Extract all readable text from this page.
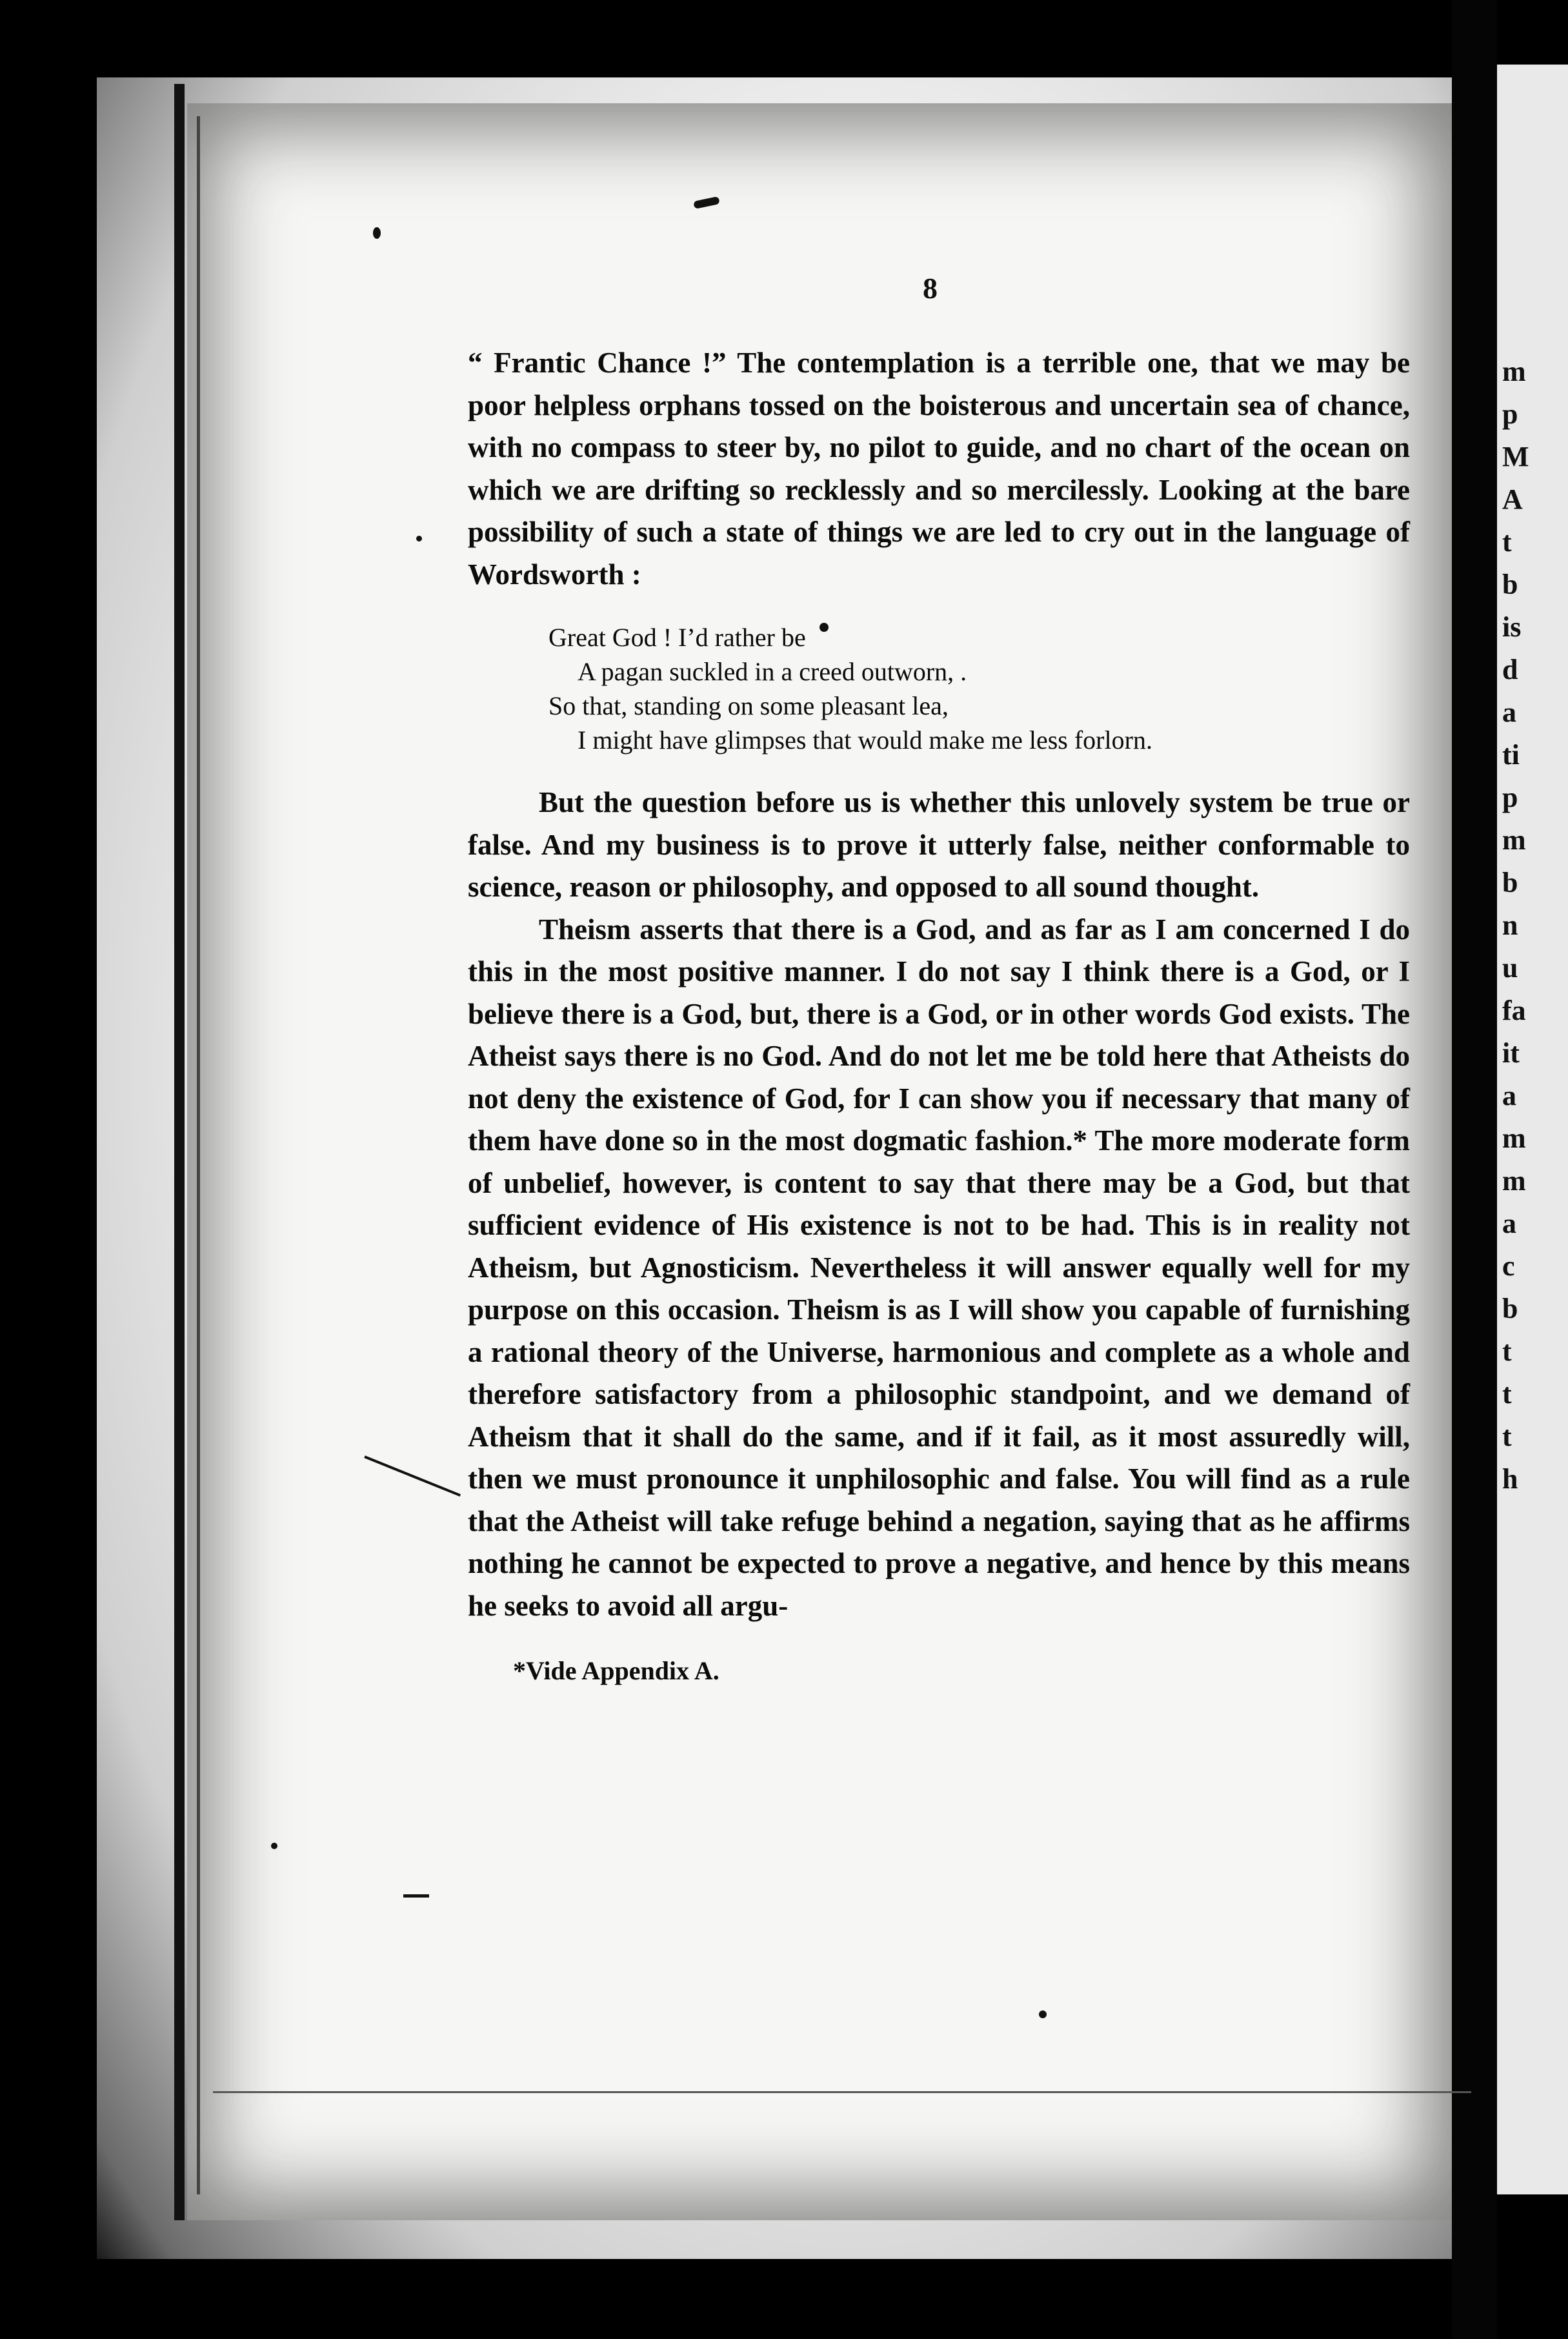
m
p
M
A
t
b
is
d
a
ti
p
m
b
n
u
fa
it
a
m
m
a
c
b
t
t
t
h
8

“ Frantic Chance !” The contemplation is a terrible one, that we may be poor helpless orphans tossed on the boisterous and uncertain sea of chance, with no compass to steer by, no pilot to guide, and no chart of the ocean on which we are drifting so recklessly and so mercilessly. Looking at the bare possibility of such a state of things we are led to cry out in the language of Wordsworth :

Great God ! I’d rather be
A pagan suckled in a creed outworn, .
So that, standing on some pleasant lea,
I might have glimpses that would make me less forlorn.

But the question before us is whether this unlovely system be true or false. And my business is to prove it utterly false, neither conformable to science, reason or philosophy, and opposed to all sound thought.

Theism asserts that there is a God, and as far as I am concerned I do this in the most positive manner. I do not say I think there is a God, or I believe there is a God, but, there is a God, or in other words God exists. The Atheist says there is no God. And do not let me be told here that Atheists do not deny the existence of God, for I can show you if necessary that many of them have done so in the most dogmatic fashion.* The more moderate form of unbelief, however, is content to say that there may be a God, but that sufficient evidence of His existence is not to be had. This is in reality not Atheism, but Agnosticism. Nevertheless it will answer equally well for my purpose on this occasion. Theism is as I will show you capable of furnishing a rational theory of the Universe, harmonious and complete as a whole and therefore satisfactory from a philosophic standpoint, and we demand of Atheism that it shall do the same, and if it fail, as it most assuredly will, then we must pronounce it unphilosophic and false. You will find as a rule that the Atheist will take refuge behind a negation, saying that as he affirms nothing he cannot be expected to prove a negative, and hence by this means he seeks to avoid all argu-

*Vide Appendix A.
